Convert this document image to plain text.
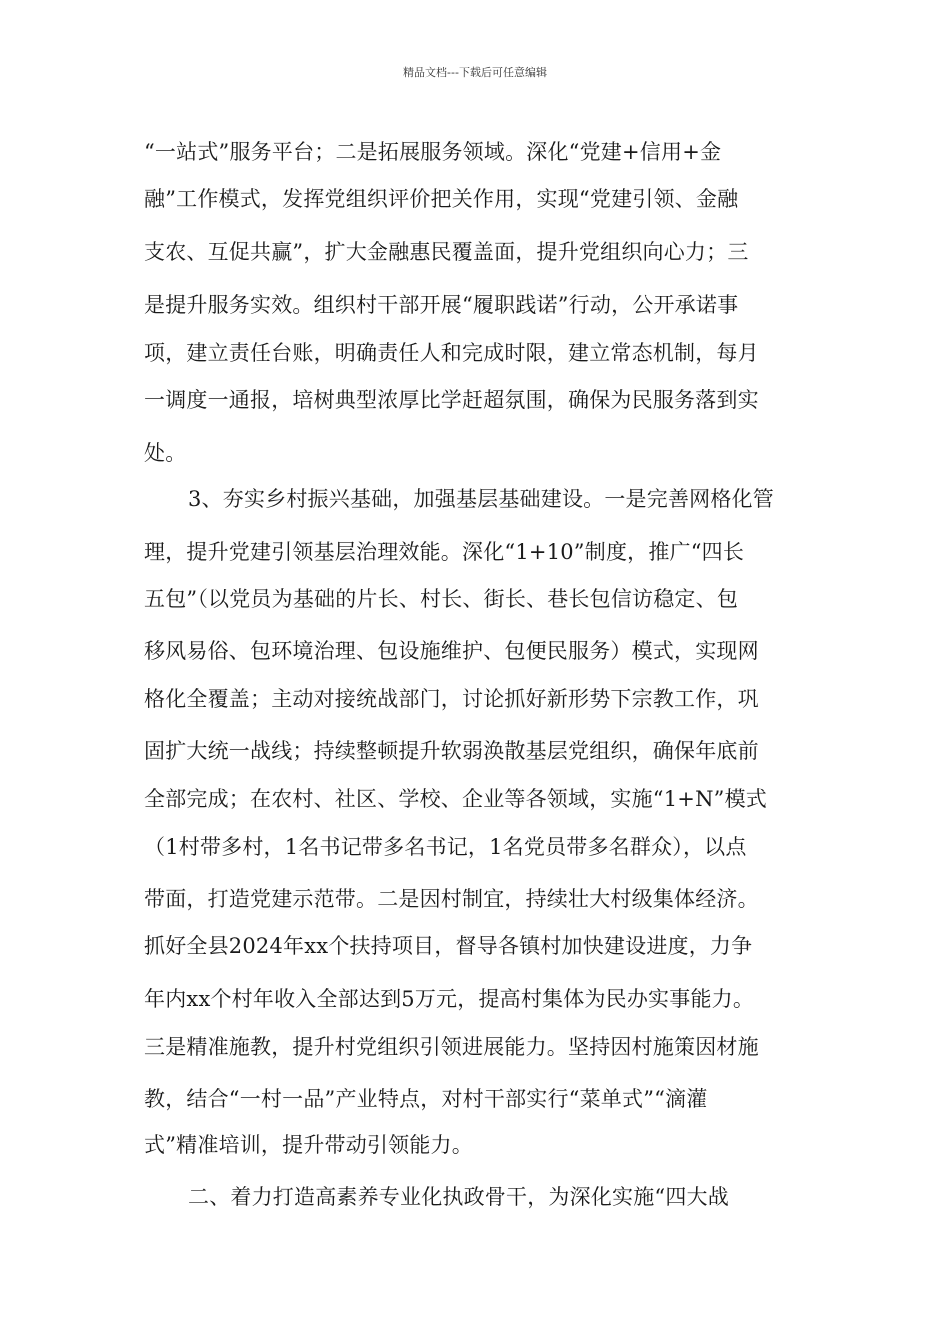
精品文档---下载后可任意编辑
“一站式”服务平台；二是拓展服务领域。深化“党建+信用+金
融”工作模式，发挥党组织评价把关作用，实现“党建引领、金融
支农、互促共赢”，扩大金融惠民覆盖面，提升党组织向心力；三
是提升服务实效。组织村干部开展“履职践诺”行动，公开承诺事
项，建立责任台账，明确责任人和完成时限，建立常态机制，每月
一调度一通报，培树典型浓厚比学赶超氛围，确保为民服务落到实
处。
3、夯实乡村振兴基础，加强基层基础建设。一是完善网格化管
理，提升党建引领基层治理效能。深化“1+10”制度，推广“四长
五包”（以党员为基础的片长、村长、街长、巷长包信访稳定、包
移风易俗、包环境治理、包设施维护、包便民服务）模式，实现网
格化全覆盖；主动对接统战部门，讨论抓好新形势下宗教工作，巩
固扩大统一战线；持续整顿提升软弱涣散基层党组织，确保年底前
全部完成；在农村、社区、学校、企业等各领域，实施“1+N”模式
（1村带多村，1名书记带多名书记，1名党员带多名群众），以点
带面，打造党建示范带。二是因村制宜，持续壮大村级集体经济。
抓好全县2024年xx个扶持项目，督导各镇村加快建设进度，力争
年内xx个村年收入全部达到5万元，提高村集体为民办实事能力。
三是精准施教，提升村党组织引领进展能力。坚持因村施策因材施
教，结合“一村一品”产业特点，对村干部实行“菜单式”“滴灌
式”精准培训，提升带动引领能力。
二、着力打造高素养专业化执政骨干，为深化实施“四大战
